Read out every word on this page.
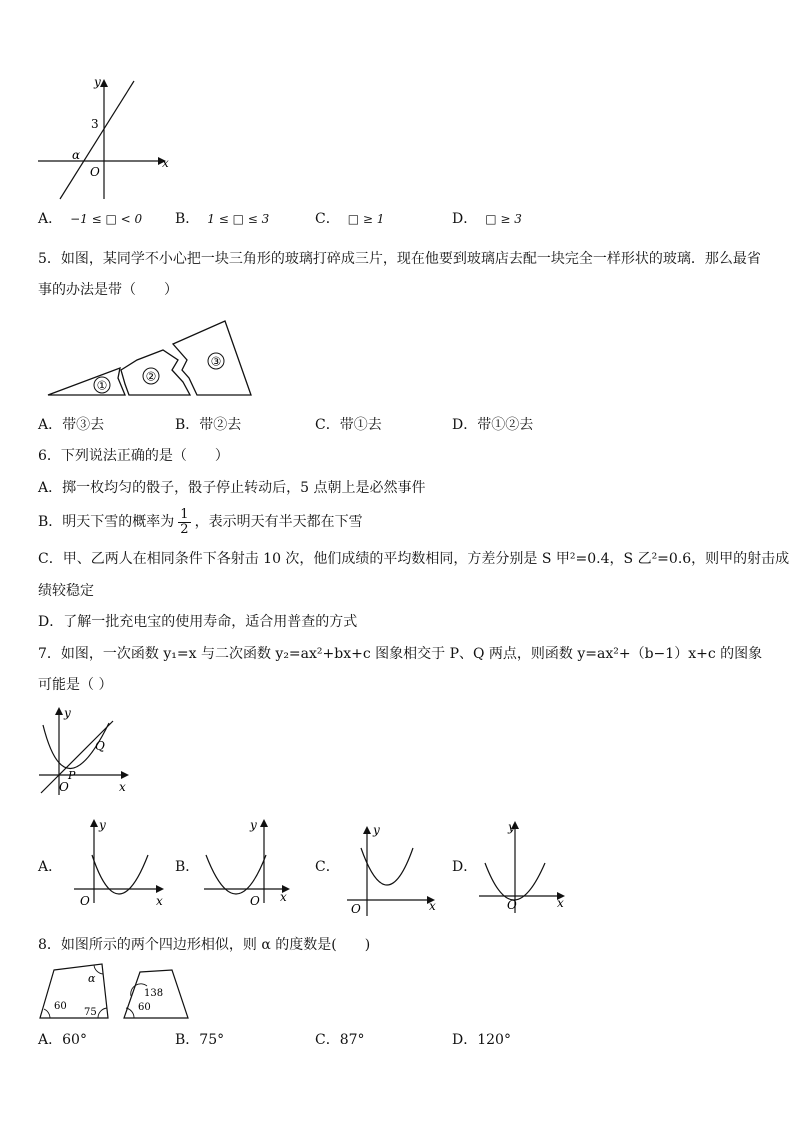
y
x
O
3
α
A． −1 ≤ □ < 0 B． 1 ≤ □ ≤ 3	C． □ ≥ 1	D． □ ≥ 3
5．如图，某同学不小心把一块三角形的玻璃打碎成三片，现在他要到玻璃店去配一块完全一样形状的玻璃．那么最省
事的办法是带（　　）
①
②
③
A．带③去	B．带②去	C．带①去	D．带①②去
6．下列说法正确的是（　　）
A．掷一枚均匀的骰子，骰子停止转动后，5 点朝上是必然事件
B．明天下雪的概率为 $\frac{1}{2}$ ，表示明天有半天都在下雪
C．甲、乙两人在相同条件下各射击 10 次，他们成绩的平均数相同，方差分别是 S 甲²=0.4，S 乙²=0.6，则甲的射击成
绩较稳定
D．了解一批充电宝的使用寿命，适合用普查的方式
7．如图，一次函数 y₁=x 与二次函数 y₂=ax²+bx+c 图象相交于 P、Q 两点，则函数 y=ax²+（b−1）x+c 的图象
可能是（ ）
y
x
O
P
Q
A．
y
x
O
B．
y
x
O
C．
y
x
O
D．
y
x
O
8．如图所示的两个四边形相似，则 α 的度数是(　　)
α
60
75
138
60
A．60°	B．75°	C．87°	D．120°
